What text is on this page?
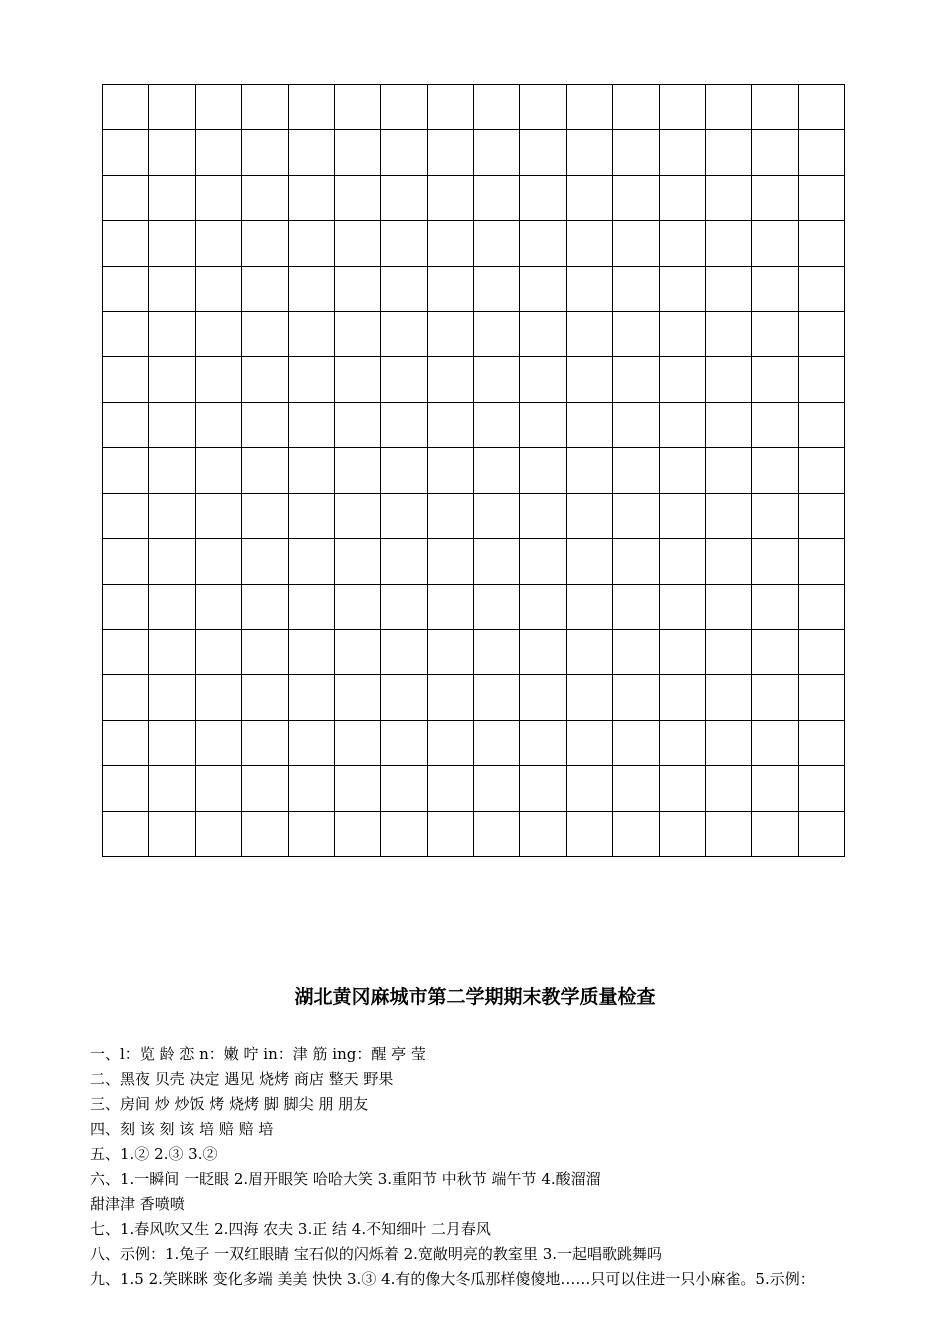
湖北黄冈麻城市第二学期期末教学质量检查
一、l：览 龄 恋 n：嫩 咛 in：津 筋 ing：醒 亭 莹
二、黑夜 贝壳 决定 遇见 烧烤 商店 整天 野果
三、房间 炒 炒饭 烤 烧烤 脚 脚尖 朋 朋友
四、刻 该 刻 该 培 赔 赔 培
五、1.② 2.③ 3.②
六、1.一瞬间 一眨眼 2.眉开眼笑 哈哈大笑 3.重阳节 中秋节 端午节 4.酸溜溜
甜津津 香喷喷
七、1.春风吹又生 2.四海 农夫 3.正 结 4.不知细叶 二月春风
八、示例：1.兔子 一双红眼睛 宝石似的闪烁着 2.宽敞明亮的教室里 3.一起唱歌跳舞吗
九、1.5 2.笑眯眯 变化多端 美美 快快 3.③ 4.有的像大冬瓜那样傻傻地……只可以住进一只小麻雀。5.示例：
